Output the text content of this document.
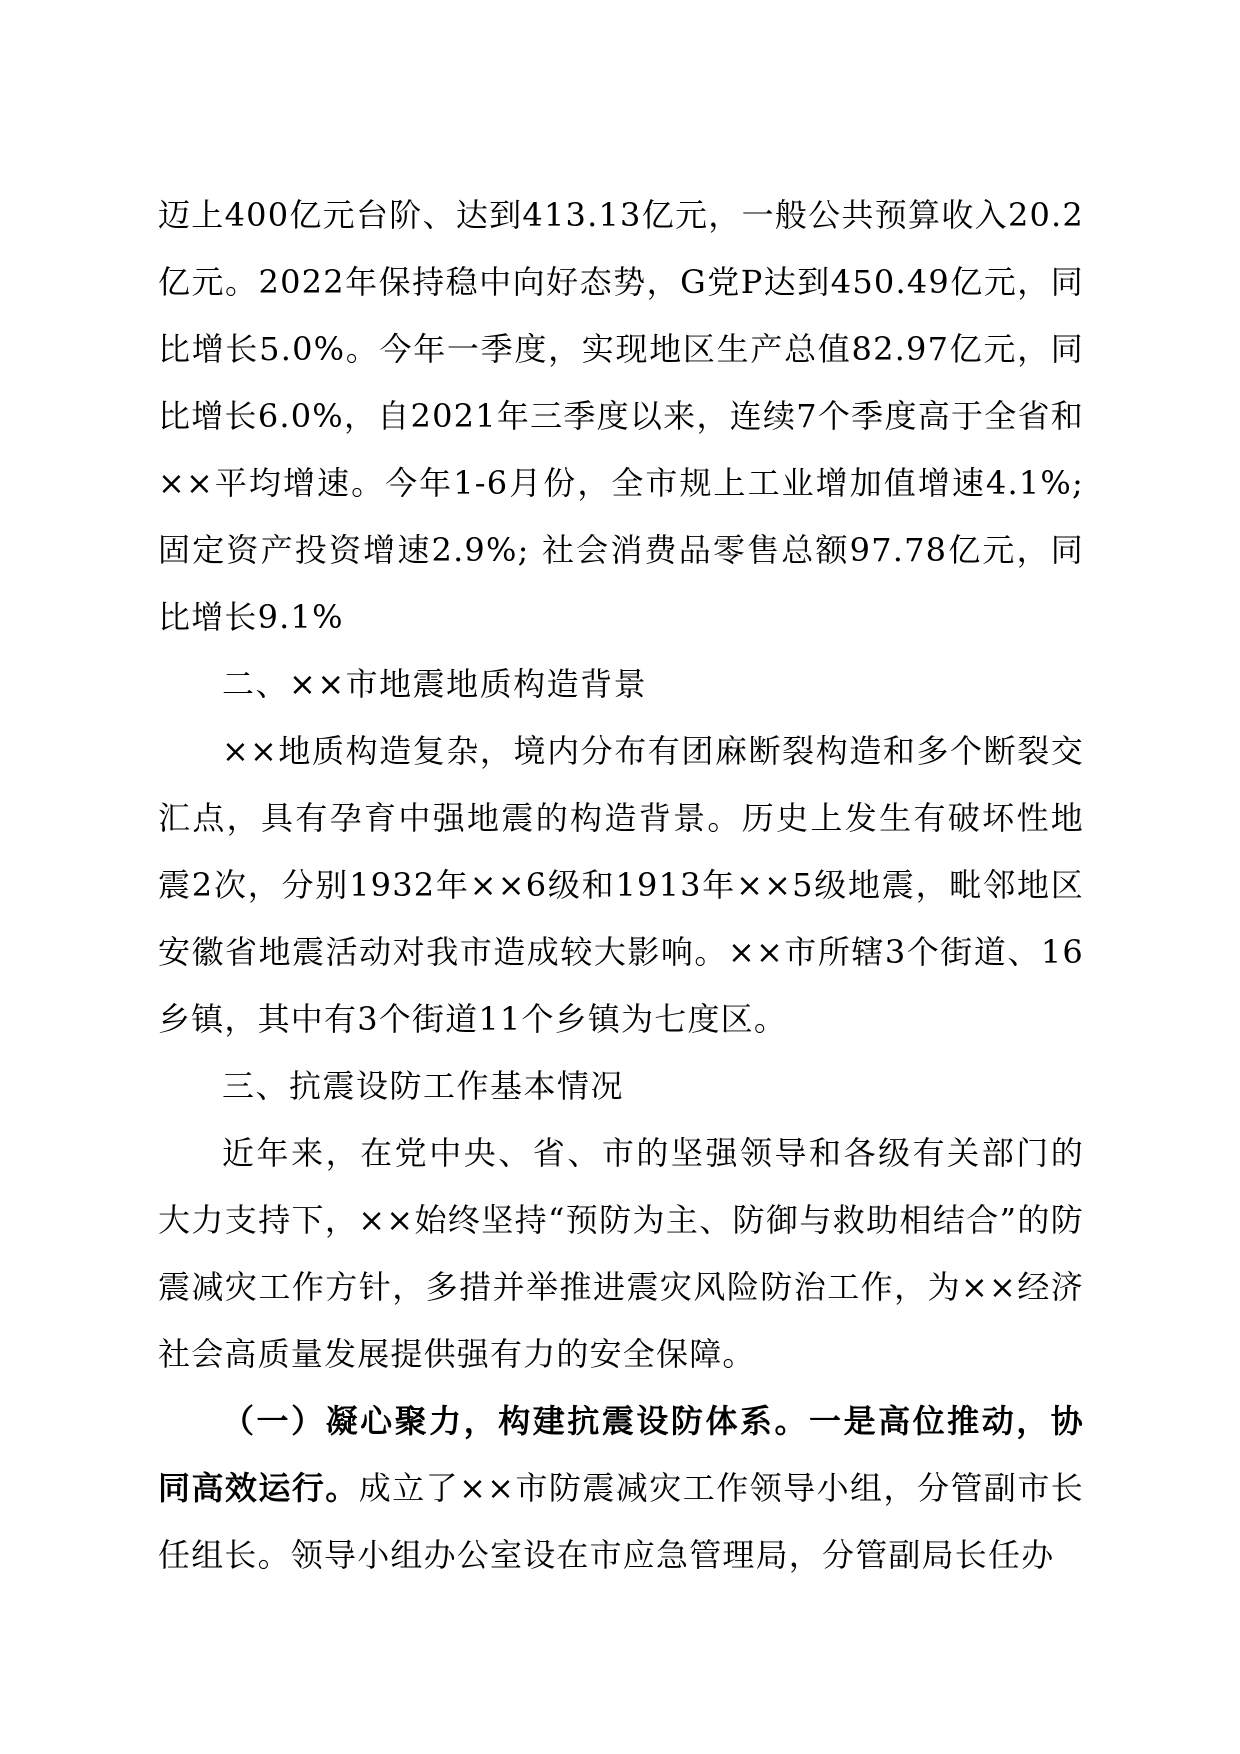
迈上400亿元台阶、达到413.13亿元，一般公共预算收入20.2亿元。2022年保持稳中向好态势，G党P达到450.49亿元，同比增长5.0%。今年一季度，实现地区生产总值82.97亿元，同比增长6.0%，自2021年三季度以来，连续7个季度高于全省和××平均增速。今年1-6月份，全市规上工业增加值增速4.1%;固定资产投资增速2.9%; 社会消费品零售总额97.78亿元，同比增长9.1%

二、××市地震地质构造背景

××地质构造复杂，境内分布有团麻断裂构造和多个断裂交汇点，具有孕育中强地震的构造背景。历史上发生有破坏性地震2次，分别1932年××6级和1913年××5级地震，毗邻地区安徽省地震活动对我市造成较大影响。××市所辖3个街道、16乡镇，其中有3个街道11个乡镇为七度区。

三、抗震设防工作基本情况

近年来，在党中央、省、市的坚强领导和各级有关部门的大力支持下，××始终坚持“预防为主、防御与救助相结合”的防震减灾工作方针，多措并举推进震灾风险防治工作，为××经济社会高质量发展提供强有力的安全保障。

（一）凝心聚力，构建抗震设防体系。一是高位推动，协同高效运行。成立了××市防震减灾工作领导小组，分管副市长任组长。领导小组办公室设在市应急管理局，分管副局长任办
